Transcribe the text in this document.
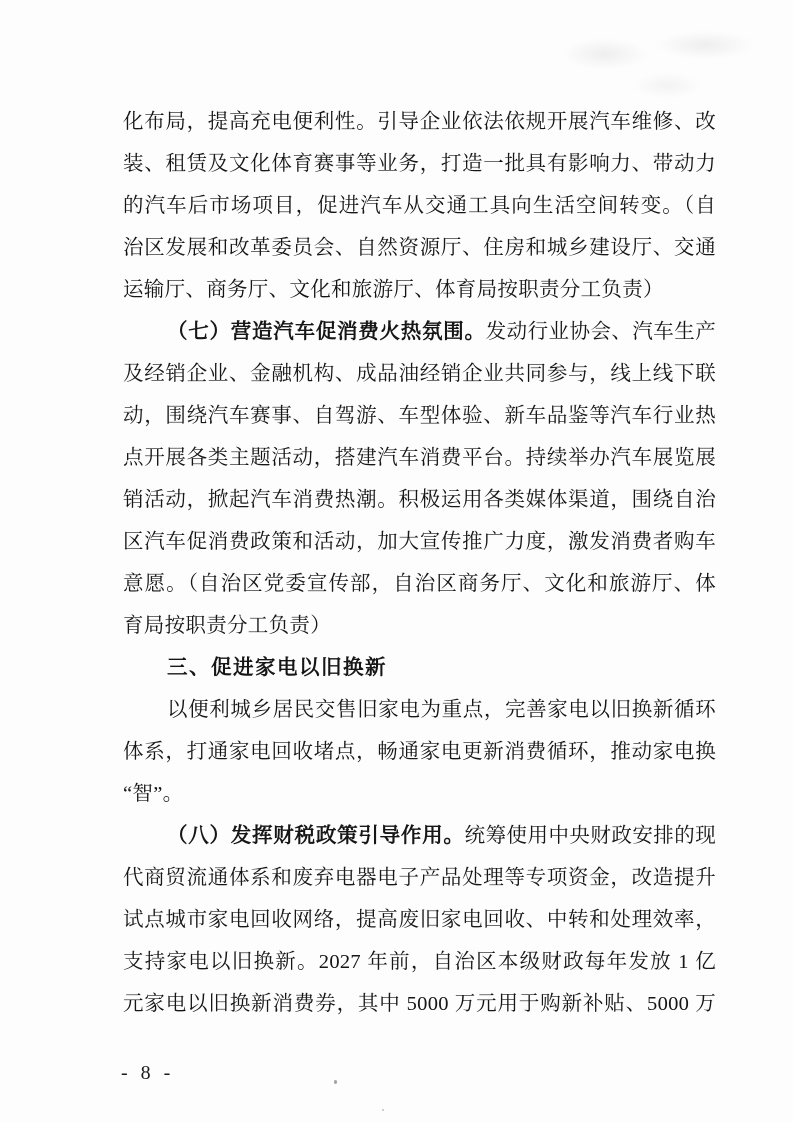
化布局，提高充电便利性。引导企业依法依规开展汽车维修、改

装、租赁及文化体育赛事等业务，打造一批具有影响力、带动力

的汽车后市场项目，促进汽车从交通工具向生活空间转变。（自

治区发展和改革委员会、自然资源厅、住房和城乡建设厅、交通

运输厅、商务厅、文化和旅游厅、体育局按职责分工负责）

（七）营造汽车促消费火热氛围。发动行业协会、汽车生产

及经销企业、金融机构、成品油经销企业共同参与，线上线下联

动，围绕汽车赛事、自驾游、车型体验、新车品鉴等汽车行业热

点开展各类主题活动，搭建汽车消费平台。持续举办汽车展览展

销活动，掀起汽车消费热潮。积极运用各类媒体渠道，围绕自治

区汽车促消费政策和活动，加大宣传推广力度，激发消费者购车

意愿。（自治区党委宣传部，自治区商务厅、文化和旅游厅、体

育局按职责分工负责）

三、促进家电以旧换新

以便利城乡居民交售旧家电为重点，完善家电以旧换新循环

体系，打通家电回收堵点，畅通家电更新消费循环，推动家电换

“智”。

（八）发挥财税政策引导作用。统筹使用中央财政安排的现

代商贸流通体系和废弃电器电子产品处理等专项资金，改造提升

试点城市家电回收网络，提高废旧家电回收、中转和处理效率，

支持家电以旧换新。2027 年前，自治区本级财政每年发放 1 亿

元家电以旧换新消费券，其中 5000 万元用于购新补贴、5000 万

- 8 -
